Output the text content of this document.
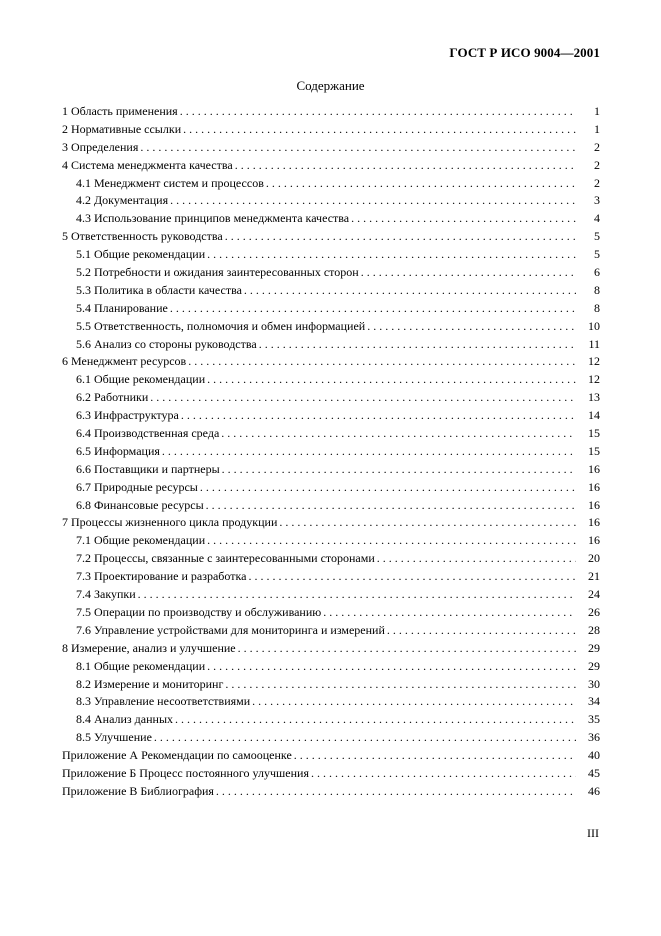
ГОСТ Р ИСО 9004—2001
Содержание
1 Область применения . . .	1
2 Нормативные ссылки . . .	1
3 Определения . . .	2
4 Система менеджмента качества . . .	2
4.1 Менеджмент систем и процессов . . .	2
4.2 Документация . . .	3
4.3 Использование принципов менеджмента качества . . .	4
5 Ответственность руководства . . .	5
5.1 Общие рекомендации . . .	5
5.2 Потребности и ожидания заинтересованных сторон . . .	6
5.3 Политика в области качества . . .	8
5.4 Планирование . . .	8
5.5 Ответственность, полномочия и обмен информацией . . .	10
5.6 Анализ со стороны руководства . . .	11
6 Менеджмент ресурсов . . .	12
6.1 Общие рекомендации . . .	12
6.2 Работники . . .	13
6.3 Инфраструктура . . .	14
6.4 Производственная среда . . .	15
6.5 Информация . . .	15
6.6 Поставщики и партнеры . . .	16
6.7 Природные ресурсы . . .	16
6.8 Финансовые ресурсы . . .	16
7 Процессы жизненного цикла продукции . . .	16
7.1 Общие рекомендации . . .	16
7.2 Процессы, связанные с заинтересованными сторонами . . .	20
7.3 Проектирование и разработка . . .	21
7.4 Закупки . . .	24
7.5 Операции по производству и обслуживанию . . .	26
7.6 Управление устройствами для мониторинга и измерений . . .	28
8 Измерение, анализ и улучшение . . .	29
8.1 Общие рекомендации . . .	29
8.2 Измерение и мониторинг . . .	30
8.3 Управление несоответствиями . . .	34
8.4 Анализ данных . . .	35
8.5 Улучшение . . .	36
Приложение А Рекомендации по самооценке . . .	40
Приложение Б Процесс постоянного улучшения . . .	45
Приложение В Библиография . . .	46
III
